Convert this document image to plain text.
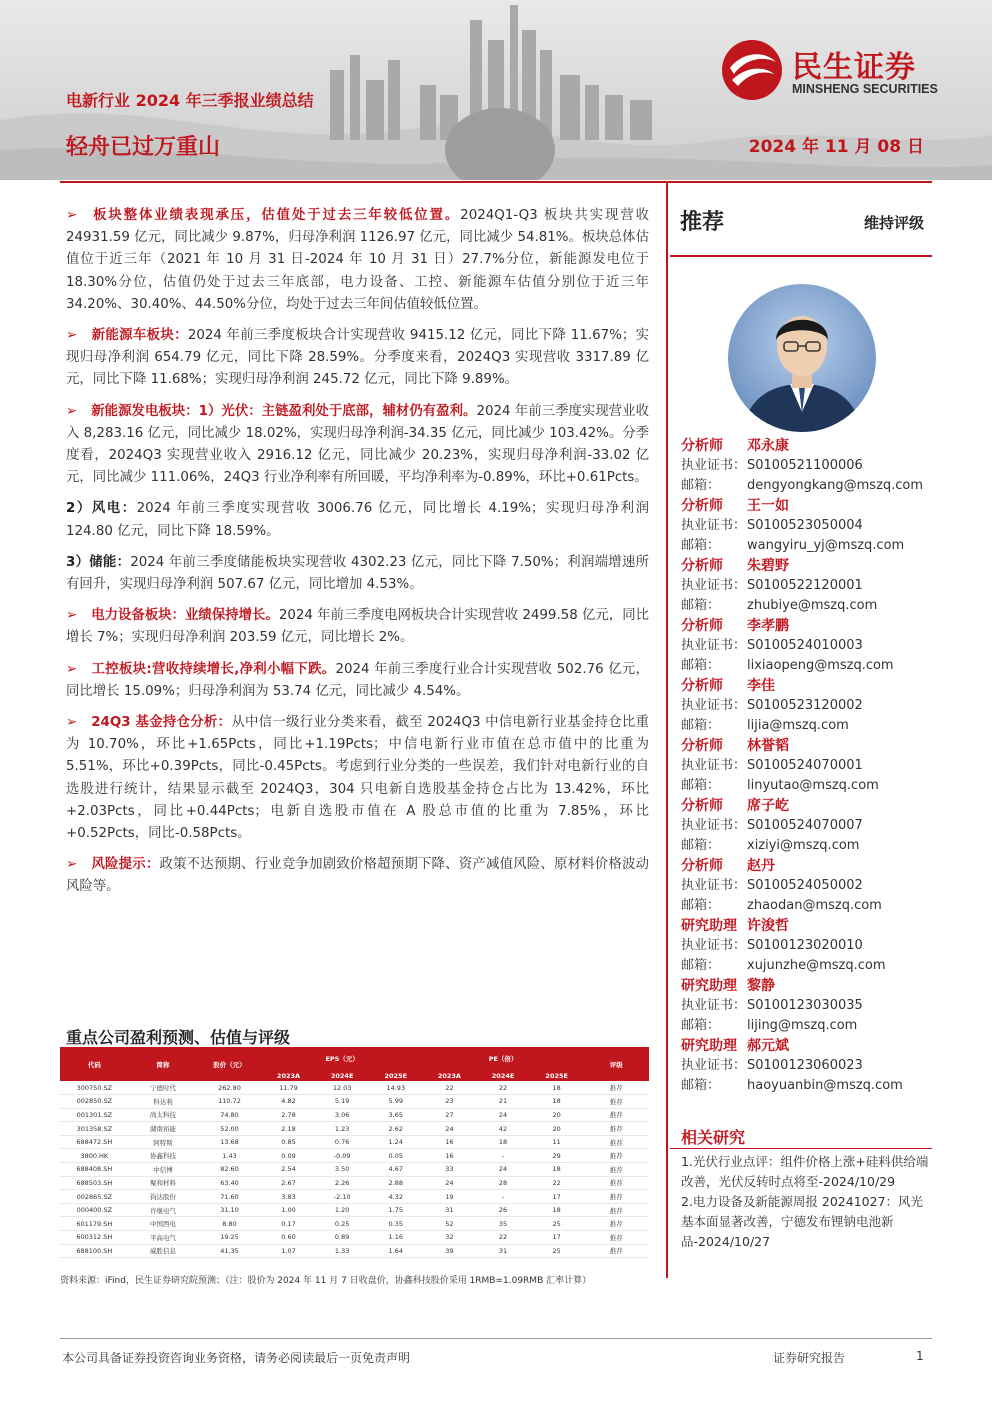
电新行业 2024 年三季报业绩总结
轻舟已过万重山	2024 年 11 月 08 日
民生证券
MINSHENG SECURITIES

➢ 板块整体业绩表现承压，估值处于过去三年较低位置。2024Q1-Q3 板块共实现营收 24931.59 亿元，同比减少 9.87%，归母净利润 1126.97 亿元，同比减少 54.81%。板块总体估值位于近三年（2021 年 10 月 31 日-2024 年 10 月 31 日）27.7%分位，新能源发电位于 18.30%分位，估值仍处于过去三年底部，电力设备、工控、新能源车估值分别位于近三年 34.20%、30.40%、44.50%分位，均处于过去三年间估值较低位置。

➢ 新能源车板块：2024 年前三季度板块合计实现营收 9415.12 亿元，同比下降 11.67%；实现归母净利润 654.79 亿元，同比下降 28.59%。分季度来看，2024Q3 实现营收 3317.89 亿元，同比下降 11.68%；实现归母净利润 245.72 亿元，同比下降 9.89%。

➢ 新能源发电板块：1）光伏：主链盈利处于底部，辅材仍有盈利。2024 年前三季度实现营业收入 8,283.16 亿元，同比减少 18.02%，实现归母净利润-34.35 亿元，同比减少 103.42%。分季度看，2024Q3 实现营业收入 2916.12 亿元，同比减少 20.23%，实现归母净利润-33.02 亿元，同比减少 111.06%，24Q3 行业净利率有所回暖，平均净利率为-0.89%，环比+0.61Pcts。

2）风电：2024 年前三季度实现营收 3006.76 亿元，同比增长 4.19%；实现归母净利润 124.80 亿元，同比下降 18.59%。

3）储能：2024 年前三季度储能板块实现营收 4302.23 亿元，同比下降 7.50%；利润端增速所有回升，实现归母净利润 507.67 亿元，同比增加 4.53%。

➢ 电力设备板块：业绩保持增长。2024 年前三季度电网板块合计实现营收 2499.58 亿元，同比增长 7%；实现归母净利润 203.59 亿元，同比增长 2%。

➢ 工控板块:营收持续增长,净利小幅下跌。2024 年前三季度行业合计实现营收 502.76 亿元，同比增长 15.09%；归母净利润为 53.74 亿元，同比减少 4.54%。

➢ 24Q3 基金持仓分析：从中信一级行业分类来看，截至 2024Q3 中信电新行业基金持仓比重为 10.70%，环比+1.65Pcts，同比+1.19Pcts；中信电新行业市值在总市值中的比重为 5.51%，环比+0.39Pcts，同比-0.45Pcts。考虑到行业分类的一些误差，我们针对电新行业的自选股进行统计，结果显示截至 2024Q3，304 只电新自选股基金持仓占比为 13.42%，环比+2.03Pcts，同比+0.44Pcts；电新自选股市值在 A 股总市值的比重为 7.85%，环比+0.52Pcts，同比-0.58Pcts。

➢ 风险提示：政策不达预期、行业竞争加剧致价格超预期下降、资产减值风险、原材料价格波动风险等。

推荐	维持评级
分析师	邓永康
执业证书： S0100521100006
邮箱：	dengyongkang@mszq.com
分析师	王一如
执业证书： S0100523050004
邮箱：	wangyiru_yj@mszq.com
分析师	朱碧野
执业证书： S0100522120001
邮箱：	zhubiye@mszq.com
分析师	李孝鹏
执业证书： S0100524010003
邮箱：	lixiaopeng@mszq.com
分析师	李佳
执业证书： S0100523120002
邮箱：	lijia@mszq.com
分析师	林誉韬
执业证书： S0100524070001
邮箱：	linyutao@mszq.com
分析师	席子屹
执业证书： S0100524070007
邮箱：	xiziyi@mszq.com
分析师	赵丹
执业证书： S0100524050002
邮箱：	zhaodan@mszq.com
研究助理 许浚哲
执业证书： S0100123020010
邮箱：	xujunzhe@mszq.com
研究助理 黎静
执业证书： S0100123030035
邮箱：	lijing@mszq.com
研究助理 郝元斌
执业证书： S0100123060023
邮箱：	haoyuanbin@mszq.com
相关研究
1.光伏行业点评：组件价格上涨+硅料供给端改善，光伏反转时点将至-2024/10/29
2.电力设备及新能源周报 20241027：风光基本面显著改善，宁德发布锂钠电池新品-2024/10/27
重点公司盈利预测、估值与评级
代码	简称	股价（元）	EPS（元）			PE（倍）			评级
			2023A	2024E	2025E	2023A	2024E	2025E	
300750.SZ	宁德时代	262.80	11.79	12.03	14.93	22	22	18	推荐
002850.SZ	科达利	110.72	4.82	5.19	5.99	23	21	18	推荐
001301.SZ	尚太科技	74.80	2.78	3.06	3.65	27	24	20	推荐
301358.SZ	湖南裕能	52.00	2.18	1.23	2.62	24	42	20	推荐
688472.SH	阿特斯	13.68	0.85	0.76	1.24	16	18	11	推荐
3800.HK	协鑫科技	1.43	0.09	-0.09	0.05	16	-	29	推荐
688408.SH	中信博	82.60	2.54	3.50	4.67	33	24	18	推荐
688503.SH	聚和材料	63.40	2.67	2.26	2.88	24	28	22	推荐
002865.SZ	钧达股份	71.60	3.83	-2.10	4.32	19	-	17	推荐
000400.SZ	许继电气	31.10	1.00	1.20	1.75	31	26	18	推荐
601179.SH	中国西电	8.80	0.17	0.25	0.35	52	35	25	推荐
600312.SH	平高电气	19.25	0.60	0.89	1.16	32	22	17	推荐
688100.SH	威胜信息	41.35	1.07	1.33	1.64	39	31	25	推荐
资料来源：iFind，民生证券研究院预测；（注：股价为 2024 年 11 月 7 日收盘价，协鑫科技股价采用 1RMB=1.09RMB 汇率计算）
本公司具备证券投资咨询业务资格，请务必阅读最后一页免责声明	证券研究报告	1
